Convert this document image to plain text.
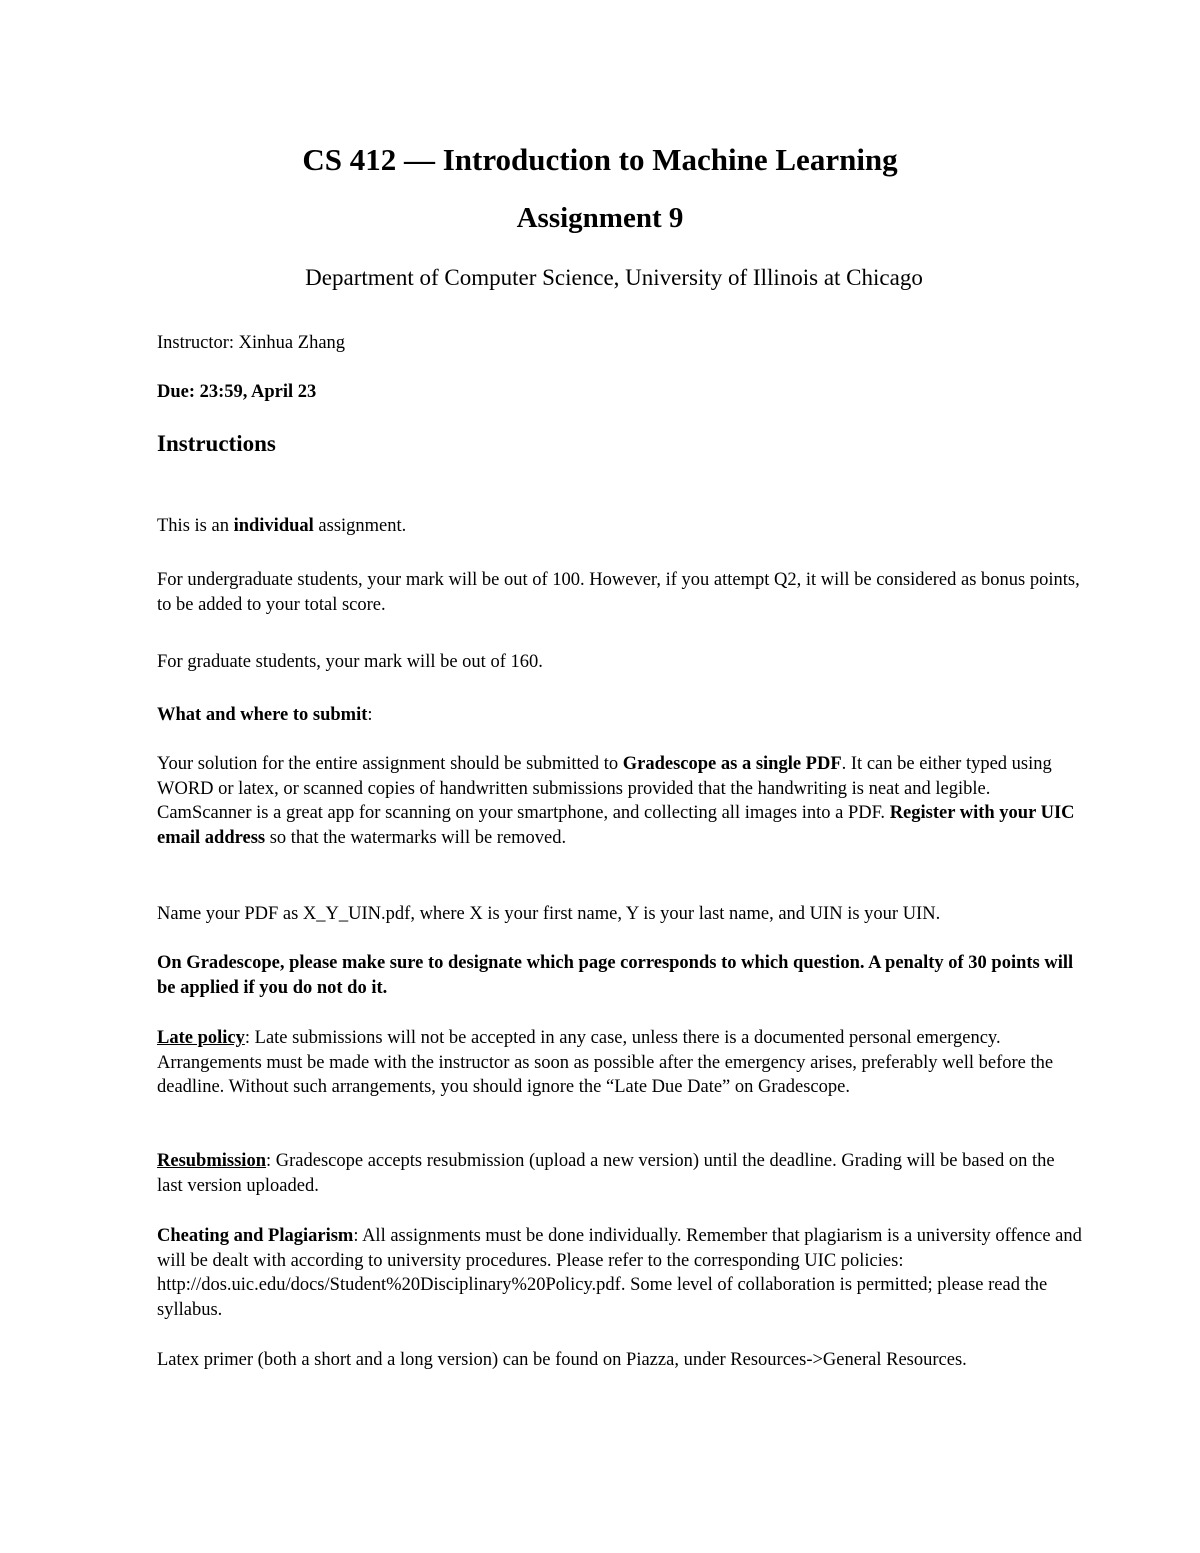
CS 412 — Introduction to Machine Learning
Assignment 9

Department of Computer Science, University of Illinois at Chicago

Instructor: Xinhua Zhang

Due: 23:59, April 23

Instructions

This is an individual assignment.

For undergraduate students, your mark will be out of 100. However, if you attempt Q2, it will be considered as bonus points, to be added to your total score.

For graduate students, your mark will be out of 160.

What and where to submit:

Your solution for the entire assignment should be submitted to Gradescope as a single PDF. It can be either typed using WORD or latex, or scanned copies of handwritten submissions provided that the handwriting is neat and legible. CamScanner is a great app for scanning on your smartphone, and collecting all images into a PDF. Register with your UIC email address so that the watermarks will be removed.

Name your PDF as X_Y_UIN.pdf, where X is your first name, Y is your last name, and UIN is your UIN.

On Gradescope, please make sure to designate which page corresponds to which question. A penalty of 30 points will be applied if you do not do it.

Late policy: Late submissions will not be accepted in any case, unless there is a documented personal emergency. Arrangements must be made with the instructor as soon as possible after the emergency arises, preferably well before the deadline. Without such arrangements, you should ignore the “Late Due Date” on Gradescope.

Resubmission: Gradescope accepts resubmission (upload a new version) until the deadline. Grading will be based on the last version uploaded.

Cheating and Plagiarism: All assignments must be done individually. Remember that plagiarism is a university offence and will be dealt with according to university procedures. Please refer to the corresponding UIC policies: http://dos.uic.edu/docs/Student%20Disciplinary%20Policy.pdf. Some level of collaboration is permitted; please read the syllabus.

Latex primer (both a short and a long version) can be found on Piazza, under Resources->General Resources.
